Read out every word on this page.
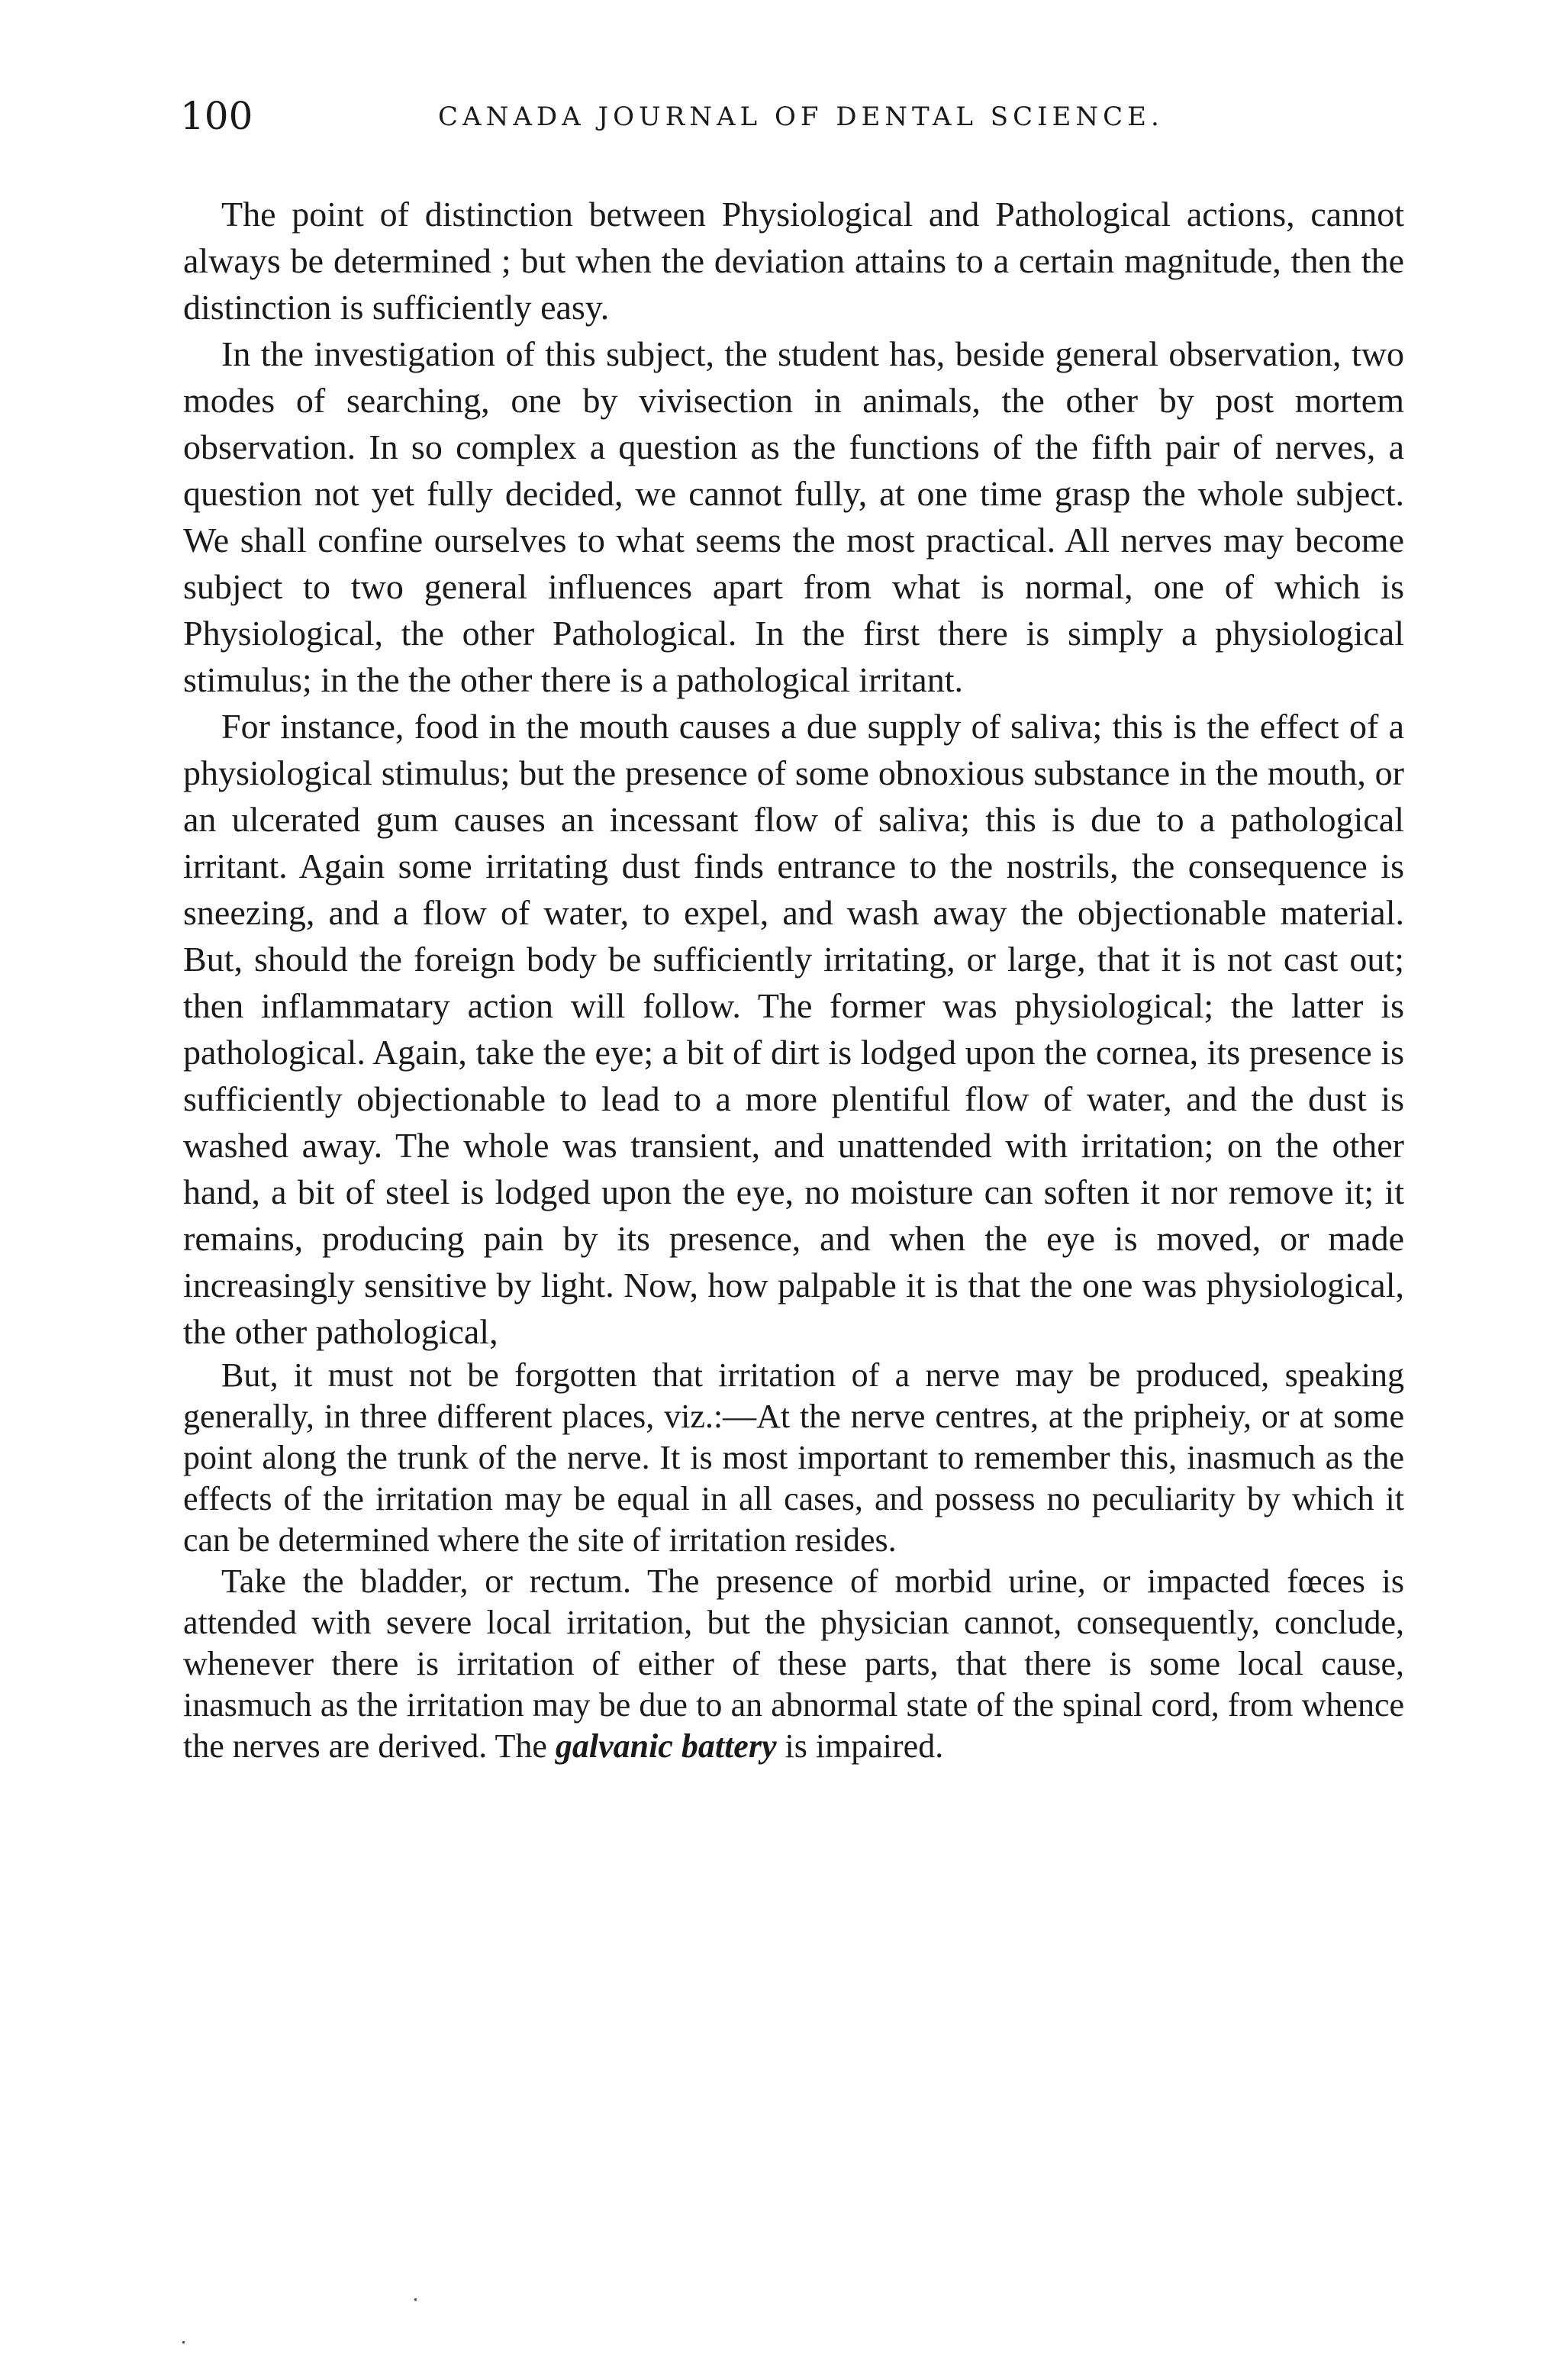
100	CANADA JOURNAL OF DENTAL SCIENCE.

The point of distinction between Physiological and Pathological actions, cannot always be determined ; but when the deviation attains to a certain magnitude, then the distinction is sufficiently easy.

In the investigation of this subject, the student has, beside general observation, two modes of searching, one by vivisection in animals, the other by post mortem observation. In so complex a question as the functions of the fifth pair of nerves, a question not yet fully decided, we cannot fully, at one time grasp the whole subject. We shall confine ourselves to what seems the most practical. All nerves may become subject to two general influences apart from what is normal, one of which is Physiological, the other Pathological. In the first there is simply a physiological stimulus; in the the other there is a pathological irritant.

For instance, food in the mouth causes a due supply of saliva; this is the effect of a physiological stimulus; but the presence of some obnoxious substance in the mouth, or an ulcerated gum causes an incessant flow of saliva; this is due to a pathological irritant. Again some irritating dust finds entrance to the nostrils, the consequence is sneezing, and a flow of water, to expel, and wash away the objectionable material. But, should the foreign body be sufficiently irritating, or large, that it is not cast out; then inflammatary action will follow. The former was physiological; the latter is pathological. Again, take the eye; a bit of dirt is lodged upon the cornea, its presence is sufficiently objectionable to lead to a more plentiful flow of water, and the dust is washed away. The whole was transient, and unattended with irritation; on the other hand, a bit of steel is lodged upon the eye, no moisture can soften it nor remove it; it remains, producing pain by its presence, and when the eye is moved, or made increasingly sensitive by light. Now, how palpable it is that the one was physiological, the other pathological,

But, it must not be forgotten that irritation of a nerve may be produced, speaking generally, in three different places, viz.:—At the nerve centres, at the pripheiy, or at some point along the trunk of the nerve. It is most important to remember this, inasmuch as the effects of the irritation may be equal in all cases, and possess no peculiarity by which it can be determined where the site of irritation resides.

Take the bladder, or rectum. The presence of morbid urine, or impacted fœces is attended with severe local irritation, but the physician cannot, consequently, conclude, whenever there is irritation of either of these parts, that there is some local cause, inasmuch as the irritation may be due to an abnormal state of the spinal cord, from whence the nerves are derived. The galvanic battery is impaired.

.
.
